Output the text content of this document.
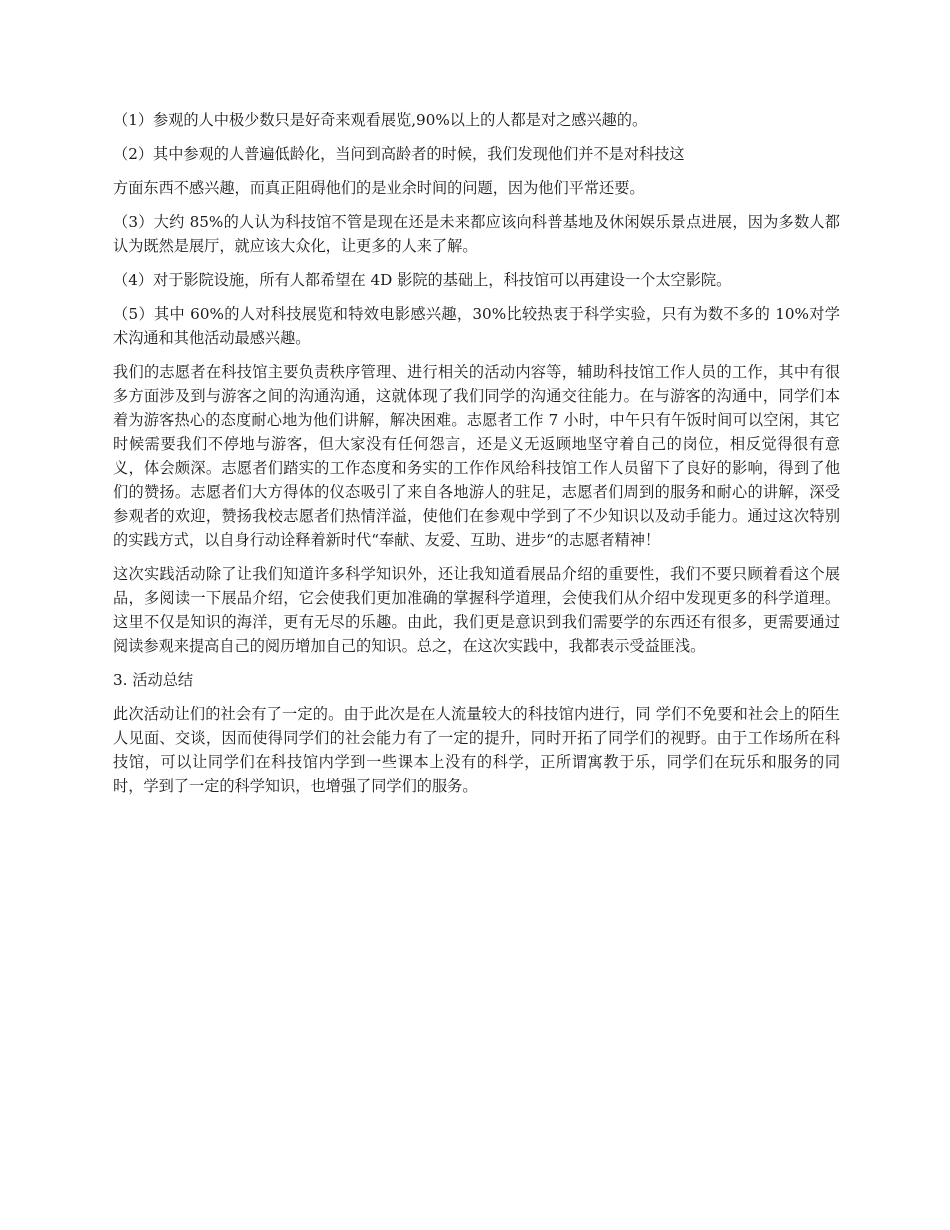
（1）参观的人中极少数只是好奇来观看展览,90%以上的人都是对之感兴趣的。

（2）其中参观的人普遍低龄化，当问到高龄者的时候，我们发现他们并不是对科技这

方面东西不感兴趣，而真正阻碍他们的是业余时间的问题，因为他们平常还要。

（3）大约 85%的人认为科技馆不管是现在还是未来都应该向科普基地及休闲娱乐景点进展，因为多数人都认为既然是展厅，就应该大众化，让更多的人来了解。

（4）对于影院设施，所有人都希望在 4D 影院的基础上，科技馆可以再建设一个太空影院。

（5）其中 60%的人对科技展览和特效电影感兴趣，30%比较热衷于科学实验，只有为数不多的 10%对学术沟通和其他活动最感兴趣。

我们的志愿者在科技馆主要负责秩序管理、进行相关的活动内容等，辅助科技馆工作人员的工作，其中有很多方面涉及到与游客之间的沟通沟通，这就体现了我们同学的沟通交往能力。在与游客的沟通中，同学们本着为游客热心的态度耐心地为他们讲解，解决困难。志愿者工作 7 小时，中午只有午饭时间可以空闲，其它时候需要我们不停地与游客，但大家没有任何怨言，还是义无返顾地坚守着自己的岗位，相反觉得很有意义，体会颇深。志愿者们踏实的工作态度和务实的工作作风给科技馆工作人员留下了良好的影响，得到了他们的赞扬。志愿者们大方得体的仪态吸引了来自各地游人的驻足，志愿者们周到的服务和耐心的讲解，深受参观者的欢迎，赞扬我校志愿者们热情洋溢，使他们在参观中学到了不少知识以及动手能力。通过这次特别的实践方式，以自身行动诠释着新时代“奉献、友爱、互助、进步“的志愿者精神！

这次实践活动除了让我们知道许多科学知识外，还让我知道看展品介绍的重要性，我们不要只顾着看这个展品，多阅读一下展品介绍，它会使我们更加准确的掌握科学道理，会使我们从介绍中发现更多的科学道理。这里不仅是知识的海洋，更有无尽的乐趣。由此，我们更是意识到我们需要学的东西还有很多，更需要通过阅读参观来提高自己的阅历增加自己的知识。总之，在这次实践中，我都表示受益匪浅。

3. 活动总结

此次活动让们的社会有了一定的。由于此次是在人流量较大的科技馆内进行，同 学们不免要和社会上的陌生人见面、交谈，因而使得同学们的社会能力有了一定的提升，同时开拓了同学们的视野。由于工作场所在科技馆，可以让同学们在科技馆内学到一些课本上没有的科学，正所谓寓教于乐，同学们在玩乐和服务的同时，学到了一定的科学知识，也增强了同学们的服务。
